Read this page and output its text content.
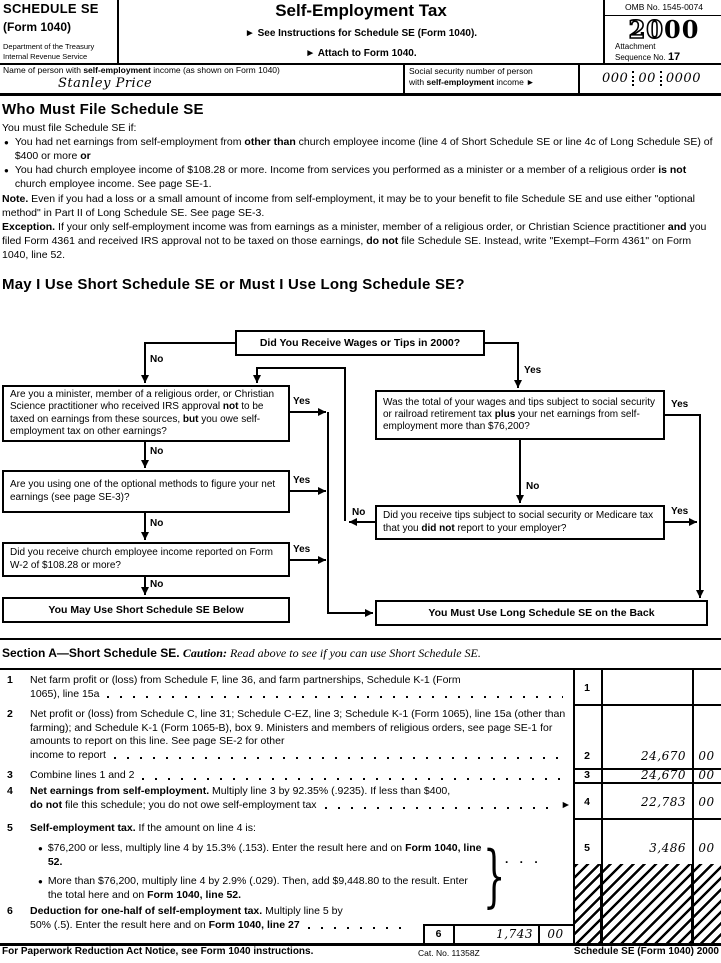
SCHEDULE SE
(Form 1040)
Department of the Treasury
Internal Revenue Service
Self-Employment Tax
► See Instructions for Schedule SE (Form 1040).
► Attach to Form 1040.
OMB No. 1545-0074
2000
Attachment
Sequence No. 17
Name of person with self-employment income (as shown on Form 1040)
Stanley Price
Social security number of person
with self-employment income ►	000 00 0000
Who Must File Schedule SE
You must file Schedule SE if:
● You had net earnings from self-employment from other than church employee income (line 4 of Short Schedule SE or line 4c of Long Schedule SE) of $400 or more or
● You had church employee income of $108.28 or more. Income from services you performed as a minister or a member of a religious order is not church employee income. See page SE-1.
Note. Even if you had a loss or a small amount of income from self-employment, it may be to your benefit to file Schedule SE and use either "optional method" in Part II of Long Schedule SE. See page SE-3.
Exception. If your only self-employment income was from earnings as a minister, member of a religious order, or Christian Science practitioner and you filed Form 4361 and received IRS approval not to be taxed on those earnings, do not file Schedule SE. Instead, write "Exempt–Form 4361" on Form 1040, line 52.
May I Use Short Schedule SE or Must I Use Long Schedule SE?
Did You Receive Wages or Tips in 2000?
Are you a minister, member of a religious order, or Christian Science practitioner who received IRS approval not to be taxed on earnings from these sources, but you owe self-employment tax on other earnings?
Are you using one of the optional methods to figure your net earnings (see page SE-3)?
Did you receive church employee income reported on Form W-2 of $108.28 or more?
You May Use Short Schedule SE Below
Was the total of your wages and tips subject to social security or railroad retirement tax plus your net earnings from self-employment more than $76,200?
Did you receive tips subject to social security or Medicare tax that you did not report to your employer?
You Must Use Long Schedule SE on the Back
No
Yes
No
No
No
Yes
Yes
Yes
Yes
No
Yes
No
Section A—Short Schedule SE. Caution: Read above to see if you can use Short Schedule SE.
1 Net farm profit or (loss) from Schedule F, line 36, and farm partnerships, Schedule K-1 (Form
1065), line 15a	1
2 Net profit or (loss) from Schedule C, line 31; Schedule C-EZ, line 3; Schedule K-1 (Form 1065), line 15a (other than farming); and Schedule K-1 (Form 1065-B), box 9. Ministers and members of religious orders, see page SE-1 for amounts to report on this line. See page SE-2 for other
income to report	2	24,670	00
3 Combine lines 1 and 2	3	24,670	00
4 Net earnings from self-employment. Multiply line 3 by 92.35% (.9235). If less than $400,
do not file this schedule; you do not owe self-employment tax	►	4	22,783	00
5 Self-employment tax. If the amount on line 4 is:
● $76,200 or less, multiply line 4 by 15.3% (.153). Enter the result here and on Form 1040, line 52.
● More than $76,200, multiply line 4 by 2.9% (.029). Then, add $9,448.80 to the result. Enter the total here and on Form 1040, line 52.	} . . .
5	3,486	00
6 Deduction for one-half of self-employment tax. Multiply line 5 by
50% (.5). Enter the result here and on Form 1040, line 27
6	1,743	00
For Paperwork Reduction Act Notice, see Form 1040 instructions.	Cat. No. 11358Z	Schedule SE (Form 1040) 2000
